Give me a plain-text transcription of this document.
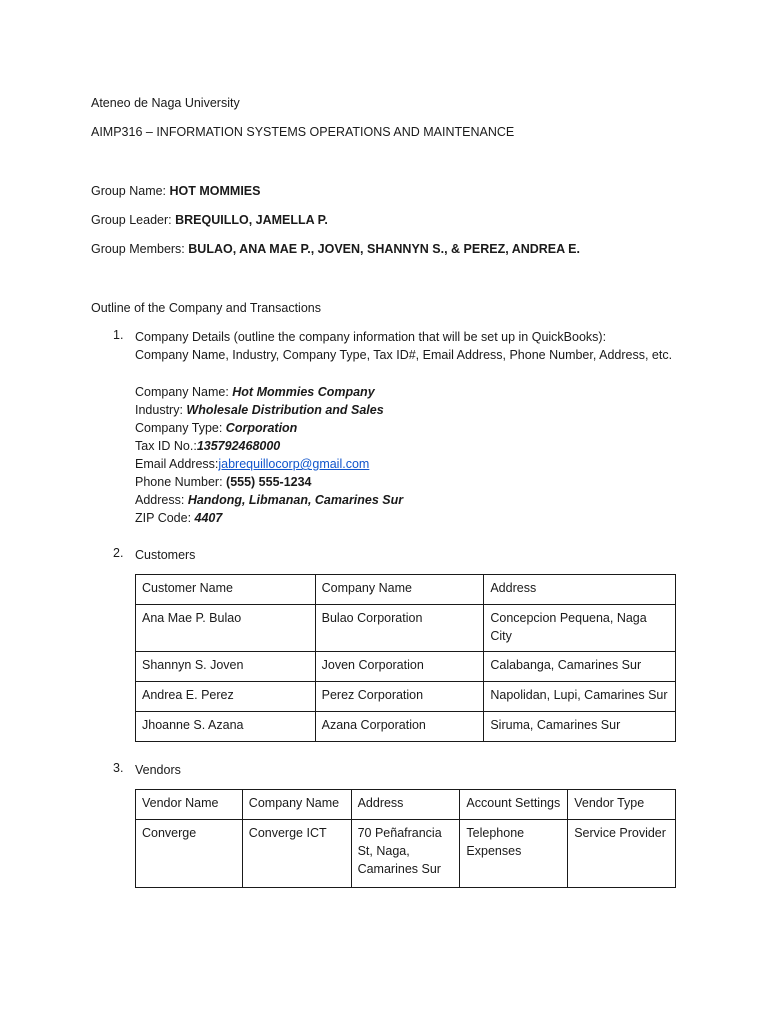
Ateneo de Naga University

AIMP316 – INFORMATION SYSTEMS OPERATIONS AND MAINTENANCE

Group Name: HOT MOMMIES

Group Leader: BREQUILLO, JAMELLA P.

Group Members: BULAO, ANA MAE P., JOVEN, SHANNYN S., & PEREZ, ANDREA E.

Outline of the Company and Transactions

1. Company Details (outline the company information that will be set up in QuickBooks):

Company Name, Industry, Company Type, Tax ID#, Email Address, Phone Number, Address, etc.

Company Name: Hot Mommies Company

Industry: Wholesale Distribution and Sales

Company Type: Corporation

Tax ID No.:135792468000

Email Address:jabrequillocorp@gmail.com

Phone Number: (555) 555-1234

Address: Handong, Libmanan, Camarines Sur

ZIP Code: 4407

2. Customers

Customer Name	Company Name	Address
Ana Mae P. Bulao	Bulao Corporation	Concepcion Pequena, Naga City
Shannyn S. Joven	Joven Corporation	Calabanga, Camarines Sur
Andrea E. Perez	Perez Corporation	Napolidan, Lupi, Camarines Sur
Jhoanne S. Azana	Azana Corporation	Siruma, Camarines Sur
3. Vendors

Vendor Name	Company Name	Address	Account Settings	Vendor Type
Converge	Converge ICT	70 Peñafrancia St, Naga, Camarines Sur	Telephone Expenses	Service Provider
